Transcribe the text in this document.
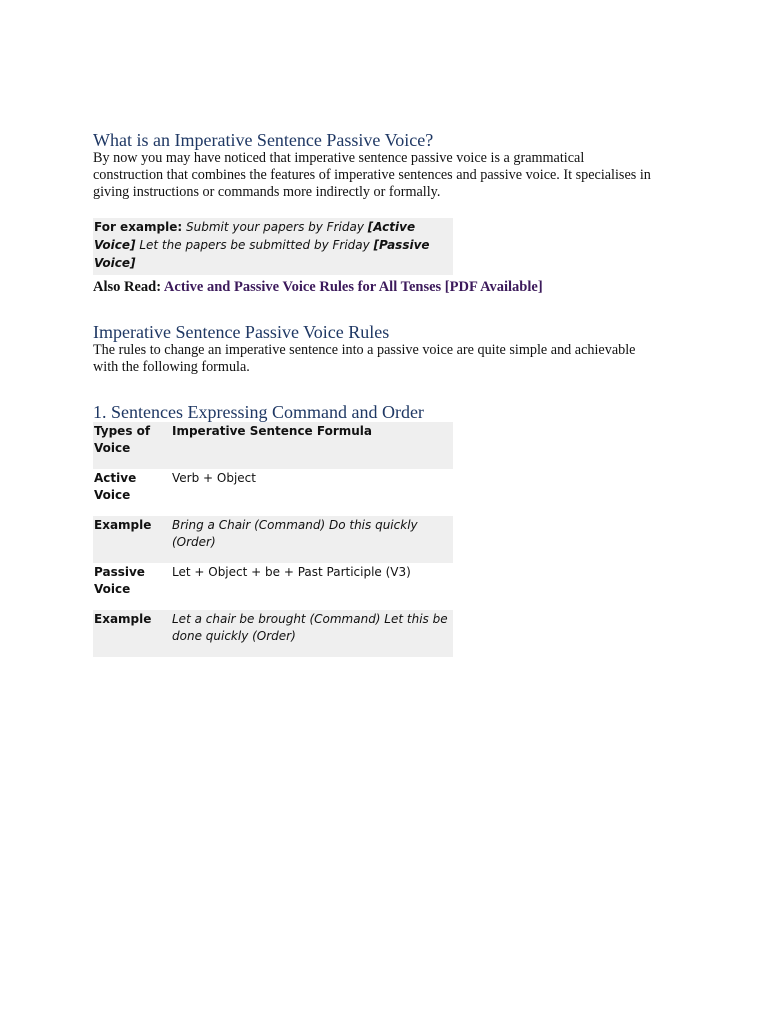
What is an Imperative Sentence Passive Voice?

By now you may have noticed that imperative sentence passive voice is a grammatical construction that combines the features of imperative sentences and passive voice. It specialises in giving instructions or commands more indirectly or formally.

For example: Submit your papers by Friday [Active Voice] Let the papers be submitted by Friday [Passive Voice]

Also Read: Active and Passive Voice Rules for All Tenses [PDF Available]

Imperative Sentence Passive Voice Rules

The rules to change an imperative sentence into a passive voice are quite simple and achievable with the following formula.

1. Sentences Expressing Command and Order
Types of Voice	Imperative Sentence Formula
Active Voice	Verb + Object
Example	Bring a Chair (Command) Do this quickly (Order)
Passive Voice	Let + Object + be + Past Participle (V3)
Example	Let a chair be brought (Command) Let this be done quickly (Order)
